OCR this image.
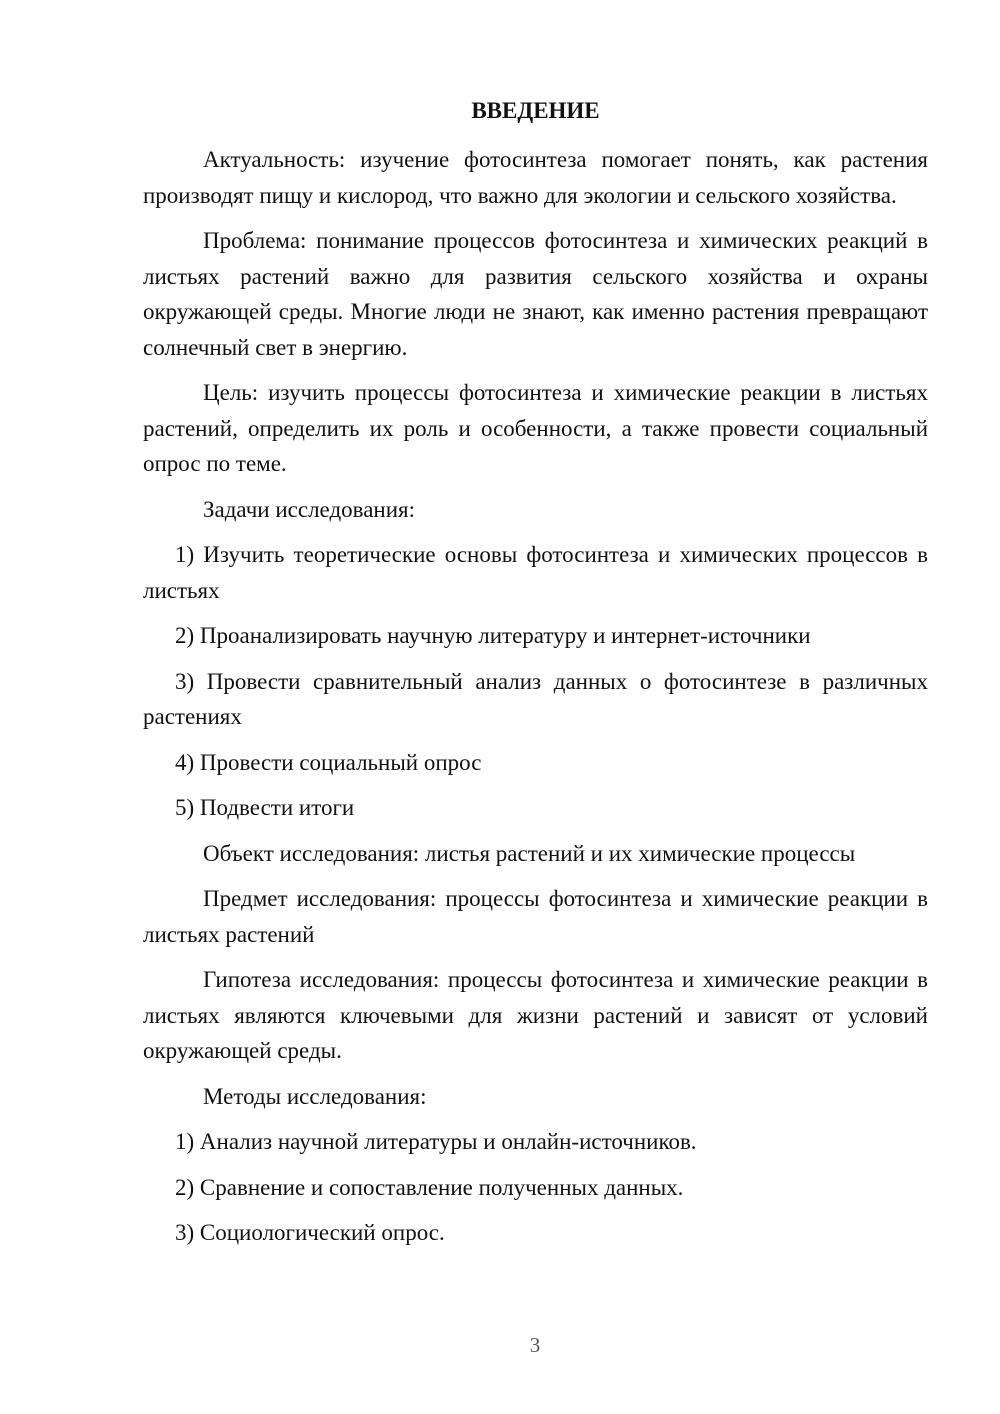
ВВЕДЕНИЕ

Актуальность: изучение фотосинтеза помогает понять, как растения производят пищу и кислород, что важно для экологии и сельского хозяйства.

Проблема: понимание процессов фотосинтеза и химических реакций в листьях растений важно для развития сельского хозяйства и охраны окружающей среды. Многие люди не знают, как именно растения превращают солнечный свет в энергию.

Цель: изучить процессы фотосинтеза и химические реакции в листьях растений, определить их роль и особенности, а также провести социальный опрос по теме.

Задачи исследования:

1) Изучить теоретические основы фотосинтеза и химических процессов в листьях

2) Проанализировать научную литературу и интернет-источники

3) Провести сравнительный анализ данных о фотосинтезе в различных растениях

4) Провести социальный опрос

5) Подвести итоги

Объект исследования: листья растений и их химические процессы

Предмет исследования: процессы фотосинтеза и химические реакции в листьях растений

Гипотеза исследования: процессы фотосинтеза и химические реакции в листьях являются ключевыми для жизни растений и зависят от условий окружающей среды.

Методы исследования:

1) Анализ научной литературы и онлайн-источников.

2) Сравнение и сопоставление полученных данных.

3) Социологический опрос.

3
